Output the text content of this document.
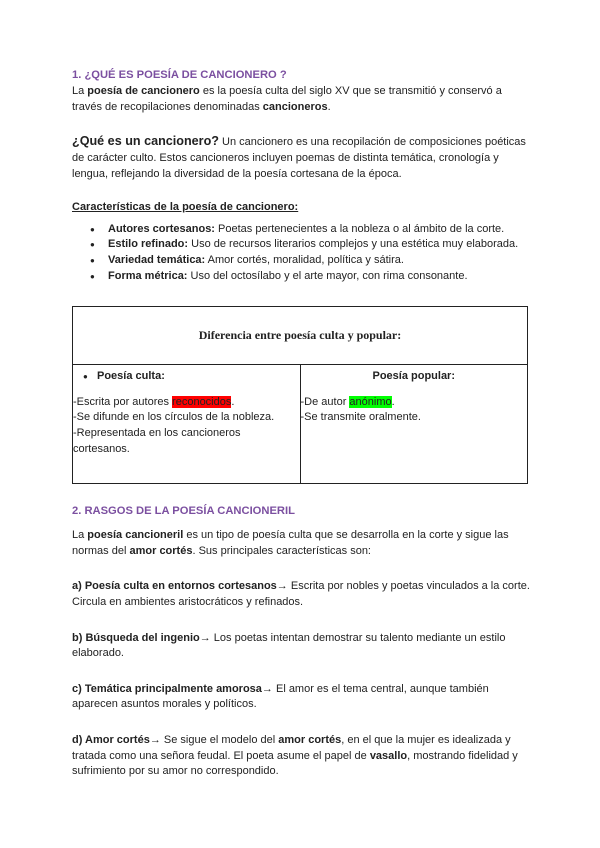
1. ¿QUÉ ES POESÍA DE CANCIONERO ?

La poesía de cancionero es la poesía culta del siglo XV que se transmitió y conservó a través de recopilaciones denominadas cancioneros.

¿Qué es un cancionero? Un cancionero es una recopilación de composiciones poéticas de carácter culto. Estos cancioneros incluyen poemas de distinta temática, cronología y lengua, reflejando la diversidad de la poesía cortesana de la época.

Características de la poesía de cancionero:

● Autores cortesanos: Poetas pertenecientes a la nobleza o al ámbito de la corte.
● Estilo refinado: Uso de recursos literarios complejos y una estética muy elaborada.
● Variedad temática: Amor cortés, moralidad, política y sátira.
● Forma métrica: Uso del octosílabo y el arte mayor, con rima consonante.
Diferencia entre poesía culta y popular:

● Poesía culta:
-Escrita por autores reconocidos.
-Se difunde en los círculos de la nobleza.
-Representada en los cancioneros cortesanos.

Poesía popular:
-De autor anónimo.
-Se transmite oralmente.
2. RASGOS DE LA POESÍA CANCIONERIL

La poesía cancioneril es un tipo de poesía culta que se desarrolla en la corte y sigue las normas del amor cortés. Sus principales características son:

a) Poesía culta en entornos cortesanos→ Escrita por nobles y poetas vinculados a la corte. Circula en ambientes aristocráticos y refinados.

b) Búsqueda del ingenio→ Los poetas intentan demostrar su talento mediante un estilo elaborado.

c) Temática principalmente amorosa→ El amor es el tema central, aunque también aparecen asuntos morales y políticos.

d) Amor cortés→ Se sigue el modelo del amor cortés, en el que la mujer es idealizada y tratada como una señora feudal. El poeta asume el papel de vasallo, mostrando fidelidad y sufrimiento por su amor no correspondido.
